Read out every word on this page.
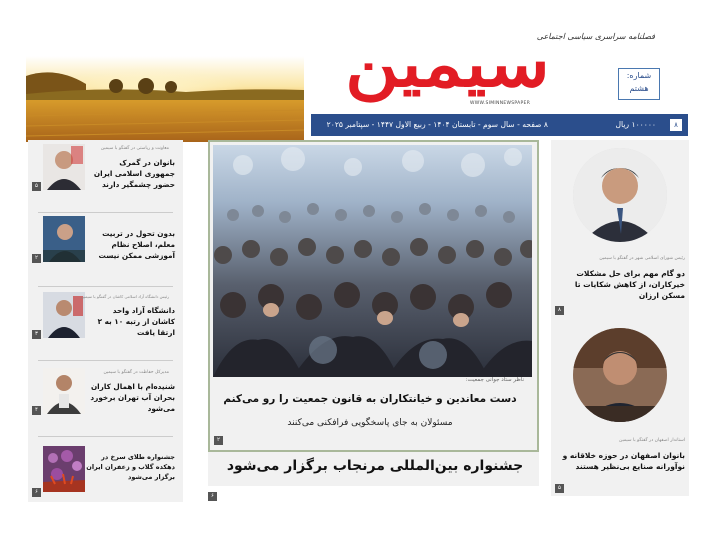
سیمین
فصلنامه سراسری سیاسی اجتماعی
WWW.SIMINNEWSPAPER
شماره:
هشتم
۸
۱۰۰۰۰۰ ریال
۸ صفحه - سال سوم - تابستان ۱۴۰۴ - ربیع الاول ۱۴۴۷ - سپتامبر ۲۰۲۵
معاونت و ریاستی در گفتگو با سیمین
بانوان در گمرک جمهوری اسلامی ایران حضور چشمگیر دارند
۵
بدون تحول در تربیت معلم، اصلاح نظام آموزشی ممکن نیست
۲
رئیس دانشگاه آزاد اسلامی کاشان در گفتگو با سیمین
دانشگاه آزاد واحد کاشان از رتبه ۱۰ به ۲ ارتقا یافت
۳
مدیرکل حفاظت در گفتگو با سیمین
شنیده‌ام با اهمال کاران بحران آب تهران برخورد می‌شود
۴
جشنواره طلای سرخ در دهکده گلاب و زعفران ایران برگزار می‌شود
۶
ناظر ستاد جوانی جمعیت:
دست معاندین و خیانتکاران به قانون جمعیت را رو می‌کنم
مسئولان به جای پاسخگویی فرافکنی می‌کنند
۲
جشنواره بین‌المللی مرنجاب برگزار می‌شود
۶
رئیس شورای اسلامی شهر در گفتگو با سیمین
دو گام مهم برای حل مشکلات خیرکاران، از کاهش شکایات تا مسکن ارزان
۸
استاندار اصفهان در گفتگو با سیمین
بانوان اصفهان در حوزه خلاقانه و نوآورانه صنایع بی‌نظیر هستند
۵
